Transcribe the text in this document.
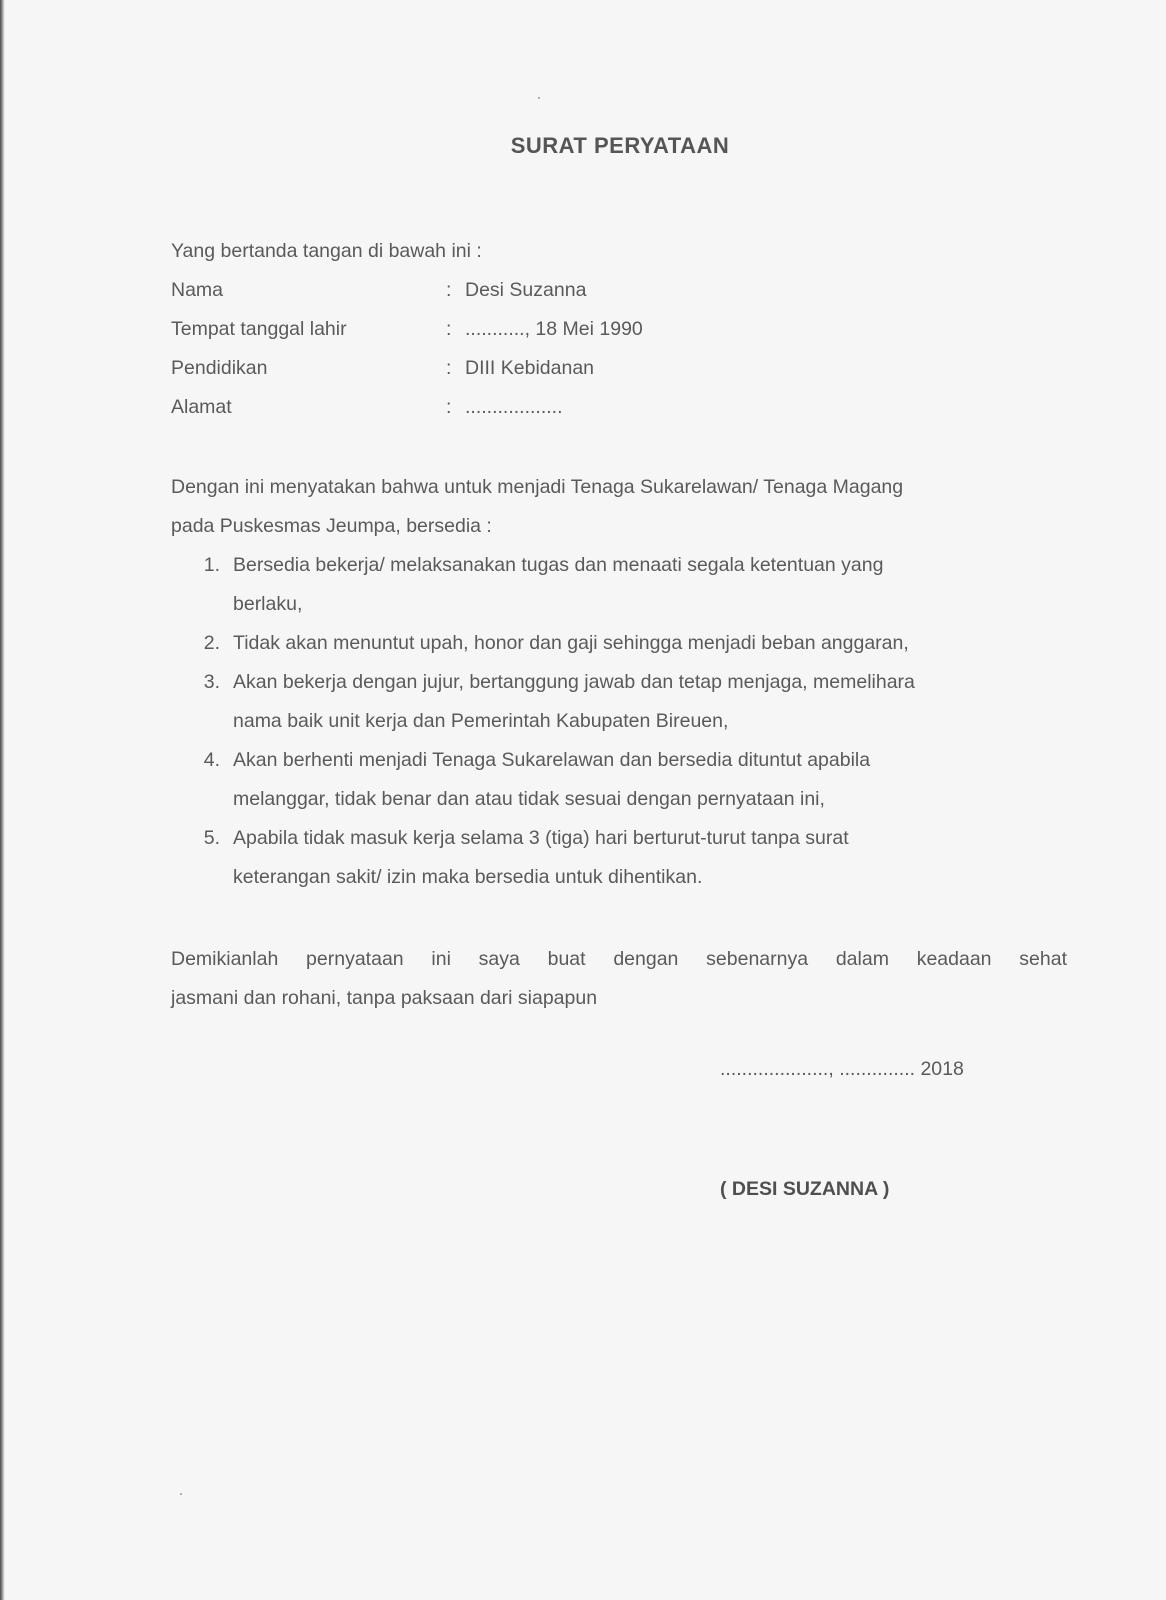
SURAT PERYATAAN
Yang bertanda tangan di bawah ini :
Nama	: Desi Suzanna
Tempat tanggal lahir	: ..........., 18 Mei 1990
Pendidikan	: DIII Kebidanan
Alamat	: ..................
Dengan ini menyatakan bahwa untuk menjadi Tenaga Sukarelawan/ Tenaga Magang
pada Puskesmas Jeumpa, bersedia :
1. Bersedia bekerja/ melaksanakan tugas dan menaati segala ketentuan yang
berlaku,
2. Tidak akan menuntut upah, honor dan gaji sehingga menjadi beban anggaran,
3. Akan bekerja dengan jujur, bertanggung jawab dan tetap menjaga, memelihara
nama baik unit kerja dan Pemerintah Kabupaten Bireuen,
4. Akan berhenti menjadi Tenaga Sukarelawan dan bersedia dituntut apabila
melanggar, tidak benar dan atau tidak sesuai dengan pernyataan ini,
5. Apabila tidak masuk kerja selama 3 (tiga) hari berturut-turut tanpa surat
keterangan sakit/ izin maka bersedia untuk dihentikan.
Demikianlah pernyataan ini saya buat dengan sebenarnya dalam keadaan sehat
jasmani dan rohani, tanpa paksaan dari siapapun
...................., .............. 2018
( DESI SUZANNA )
